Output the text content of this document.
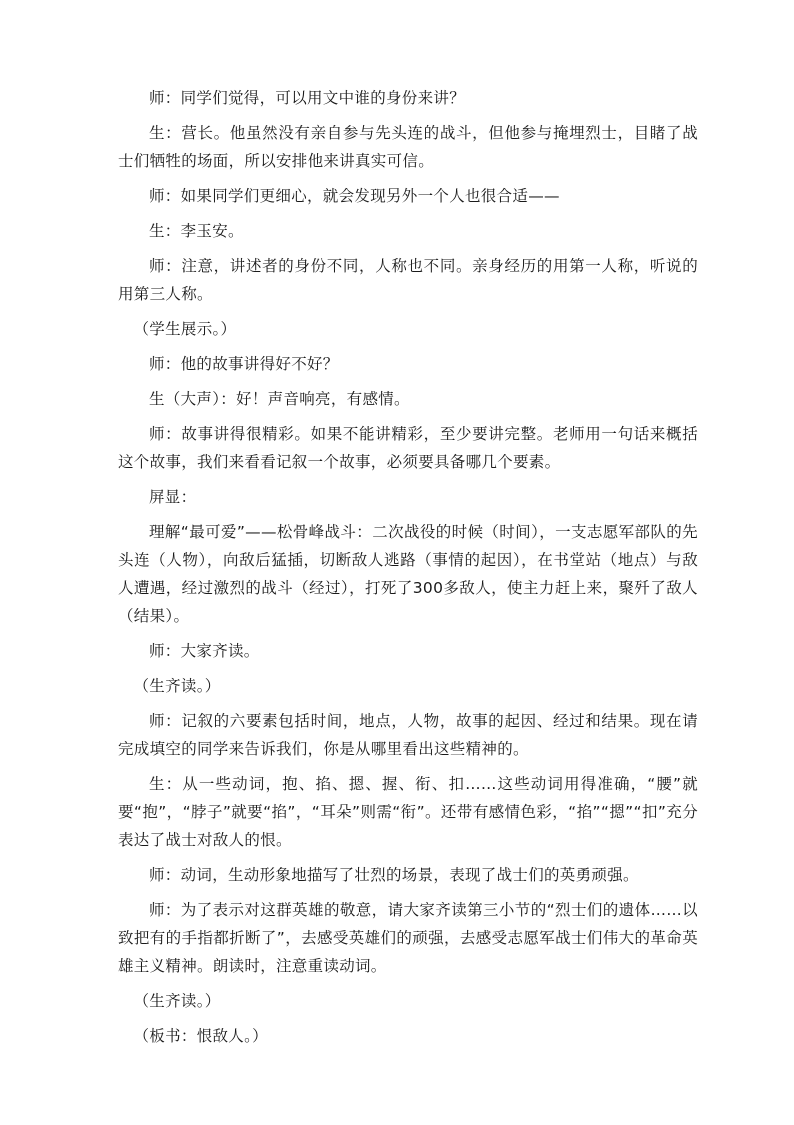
师：同学们觉得，可以用文中谁的身份来讲？

生：营长。他虽然没有亲自参与先头连的战斗，但他参与掩埋烈士，目睹了战士们牺牲的场面，所以安排他来讲真实可信。

师：如果同学们更细心，就会发现另外一个人也很合适——

生：李玉安。

师：注意，讲述者的身份不同，人称也不同。亲身经历的用第一人称，听说的用第三人称。

（学生展示。）

师：他的故事讲得好不好？

生（大声）：好！声音响亮，有感情。

师：故事讲得很精彩。如果不能讲精彩，至少要讲完整。老师用一句话来概括这个故事，我们来看看记叙一个故事，必须要具备哪几个要素。

屏显：

理解“最可爱”——松骨峰战斗：二次战役的时候（时间），一支志愿军部队的先头连（人物），向敌后猛插，切断敌人逃路（事情的起因），在书堂站（地点）与敌人遭遇，经过激烈的战斗（经过），打死了300多敌人，使主力赶上来，聚歼了敌人（结果）。

师：大家齐读。

（生齐读。）

师：记叙的六要素包括时间，地点，人物，故事的起因、经过和结果。现在请完成填空的同学来告诉我们，你是从哪里看出这些精神的。

生：从一些动词，抱、掐、摁、握、衔、扣……这些动词用得准确，“腰”就要“抱”，“脖子”就要“掐”，“耳朵”则需“衔”。还带有感情色彩，“掐”“摁”“扣”充分表达了战士对敌人的恨。

师：动词，生动形象地描写了壮烈的场景，表现了战士们的英勇顽强。

师：为了表示对这群英雄的敬意，请大家齐读第三小节的“烈士们的遗体……以致把有的手指都折断了”，去感受英雄们的顽强，去感受志愿军战士们伟大的革命英雄主义精神。朗读时，注意重读动词。

（生齐读。）

（板书：恨敌人。）
